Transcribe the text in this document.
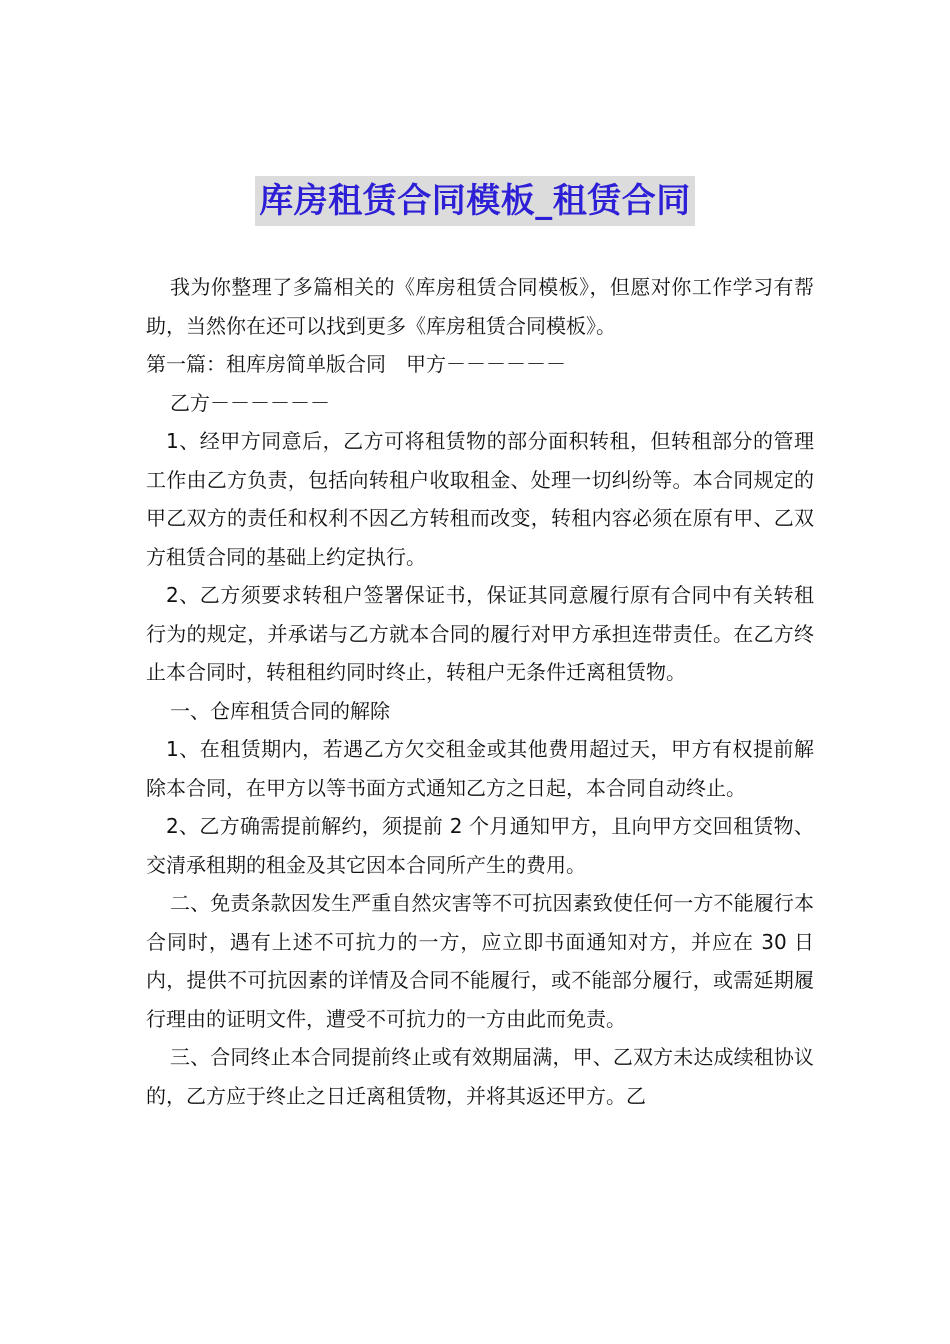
库房租赁合同模板_租赁合同

我为你整理了多篇相关的《库房租赁合同模板》，但愿对你工作学习有帮助，当然你在还可以找到更多《库房租赁合同模板》。

第一篇：租库房简单版合同　甲方－－－－－－

乙方－－－－－－

1、经甲方同意后，乙方可将租赁物的部分面积转租，但转租部分的管理工作由乙方负责，包括向转租户收取租金、处理一切纠纷等。本合同规定的甲乙双方的责任和权利不因乙方转租而改变，转租内容必须在原有甲、乙双方租赁合同的基础上约定执行。

2、乙方须要求转租户签署保证书，保证其同意履行原有合同中有关转租行为的规定，并承诺与乙方就本合同的履行对甲方承担连带责任。在乙方终止本合同时，转租租约同时终止，转租户无条件迁离租赁物。

一、仓库租赁合同的解除

1、在租赁期内，若遇乙方欠交租金或其他费用超过天，甲方有权提前解除本合同，在甲方以等书面方式通知乙方之日起，本合同自动终止。

2、乙方确需提前解约，须提前 2 个月通知甲方，且向甲方交回租赁物、交清承租期的租金及其它因本合同所产生的费用。

二、免责条款因发生严重自然灾害等不可抗因素致使任何一方不能履行本合同时，遇有上述不可抗力的一方，应立即书面通知对方，并应在 30 日内，提供不可抗因素的详情及合同不能履行，或不能部分履行，或需延期履行理由的证明文件，遭受不可抗力的一方由此而免责。

三、合同终止本合同提前终止或有效期届满，甲、乙双方未达成续租协议的，乙方应于终止之日迁离租赁物，并将其返还甲方。乙
